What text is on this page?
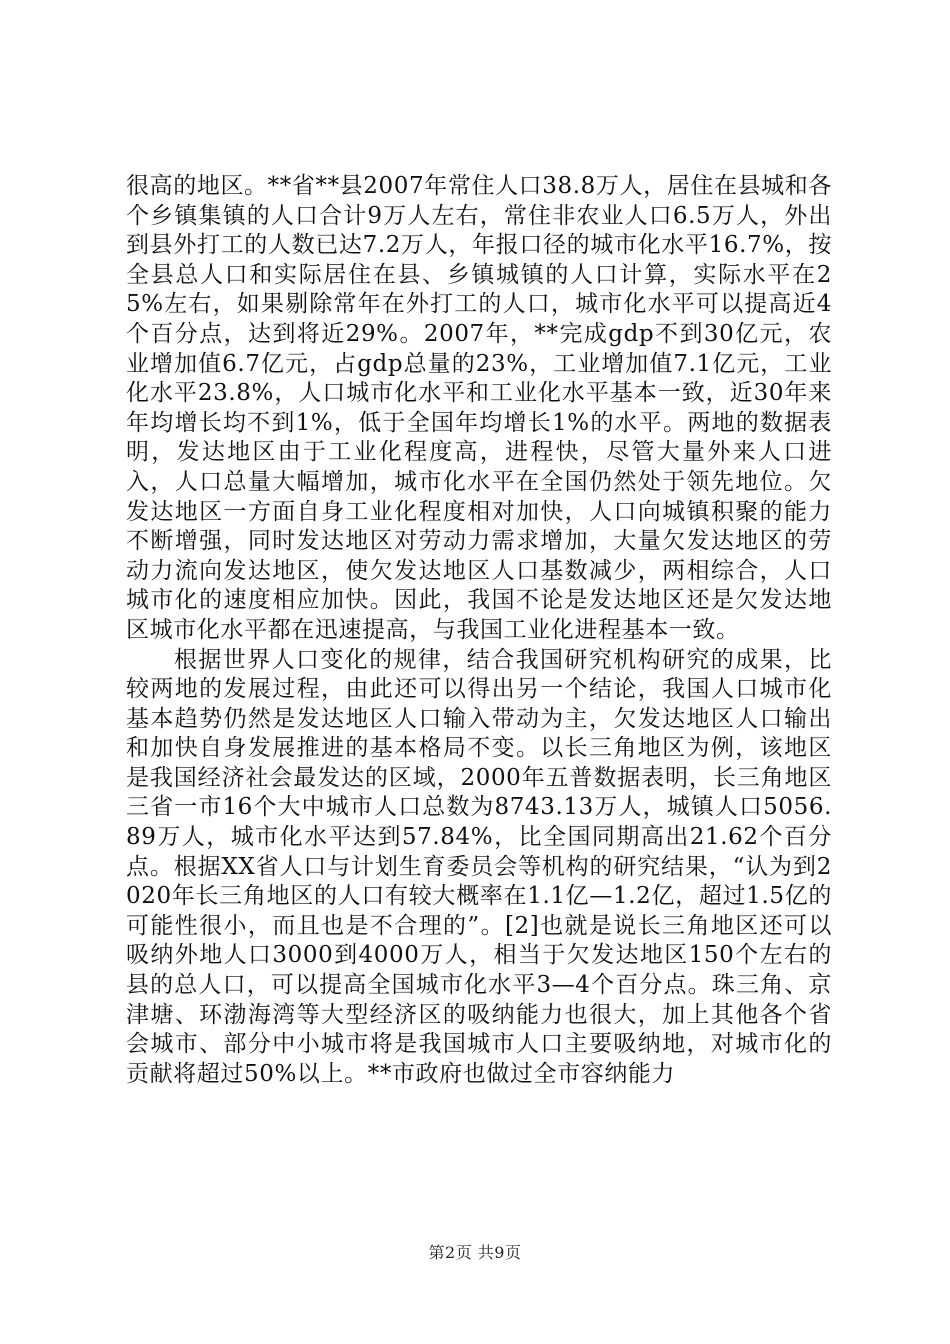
很高的地区。**省**县2007年常住人口38.8万人，居住在县城和各个乡镇集镇的人口合计9万人左右，常住非农业人口6.5万人，外出到县外打工的人数已达7.2万人，年报口径的城市化水平16.7%，按全县总人口和实际居住在县、乡镇城镇的人口计算，实际水平在25%左右，如果剔除常年在外打工的人口，城市化水平可以提高近4个百分点，达到将近29%。2007年，**完成gdp不到30亿元，农业增加值6.7亿元，占gdp总量的23%，工业增加值7.1亿元，工业化水平23.8%，人口城市化水平和工业化水平基本一致，近30年来年均增长均不到1%，低于全国年均增长1%的水平。两地的数据表明，发达地区由于工业化程度高，进程快，尽管大量外来人口进入，人口总量大幅增加，城市化水平在全国仍然处于领先地位。欠发达地区一方面自身工业化程度相对加快，人口向城镇积聚的能力不断增强，同时发达地区对劳动力需求增加，大量欠发达地区的劳动力流向发达地区，使欠发达地区人口基数减少，两相综合，人口城市化的速度相应加快。因此，我国不论是发达地区还是欠发达地区城市化水平都在迅速提高，与我国工业化进程基本一致。

根据世界人口变化的规律，结合我国研究机构研究的成果，比较两地的发展过程，由此还可以得出另一个结论，我国人口城市化基本趋势仍然是发达地区人口输入带动为主，欠发达地区人口输出和加快自身发展推进的基本格局不变。以长三角地区为例，该地区是我国经济社会最发达的区域，2000年五普数据表明，长三角地区三省一市16个大中城市人口总数为8743.13万人，城镇人口5056.89万人，城市化水平达到57.84%，比全国同期高出21.62个百分点。根据XX省人口与计划生育委员会等机构的研究结果，“认为到2020年长三角地区的人口有较大概率在1.1亿—1.2亿，超过1.5亿的可能性很小，而且也是不合理的”。[2]也就是说长三角地区还可以吸纳外地人口3000到4000万人，相当于欠发达地区150个左右的县的总人口，可以提高全国城市化水平3—4个百分点。珠三角、京津塘、环渤海湾等大型经济区的吸纳能力也很大，加上其他各个省会城市、部分中小城市将是我国城市人口主要吸纳地，对城市化的贡献将超过50%以上。**市政府也做过全市容纳能力

第2页 共9页
